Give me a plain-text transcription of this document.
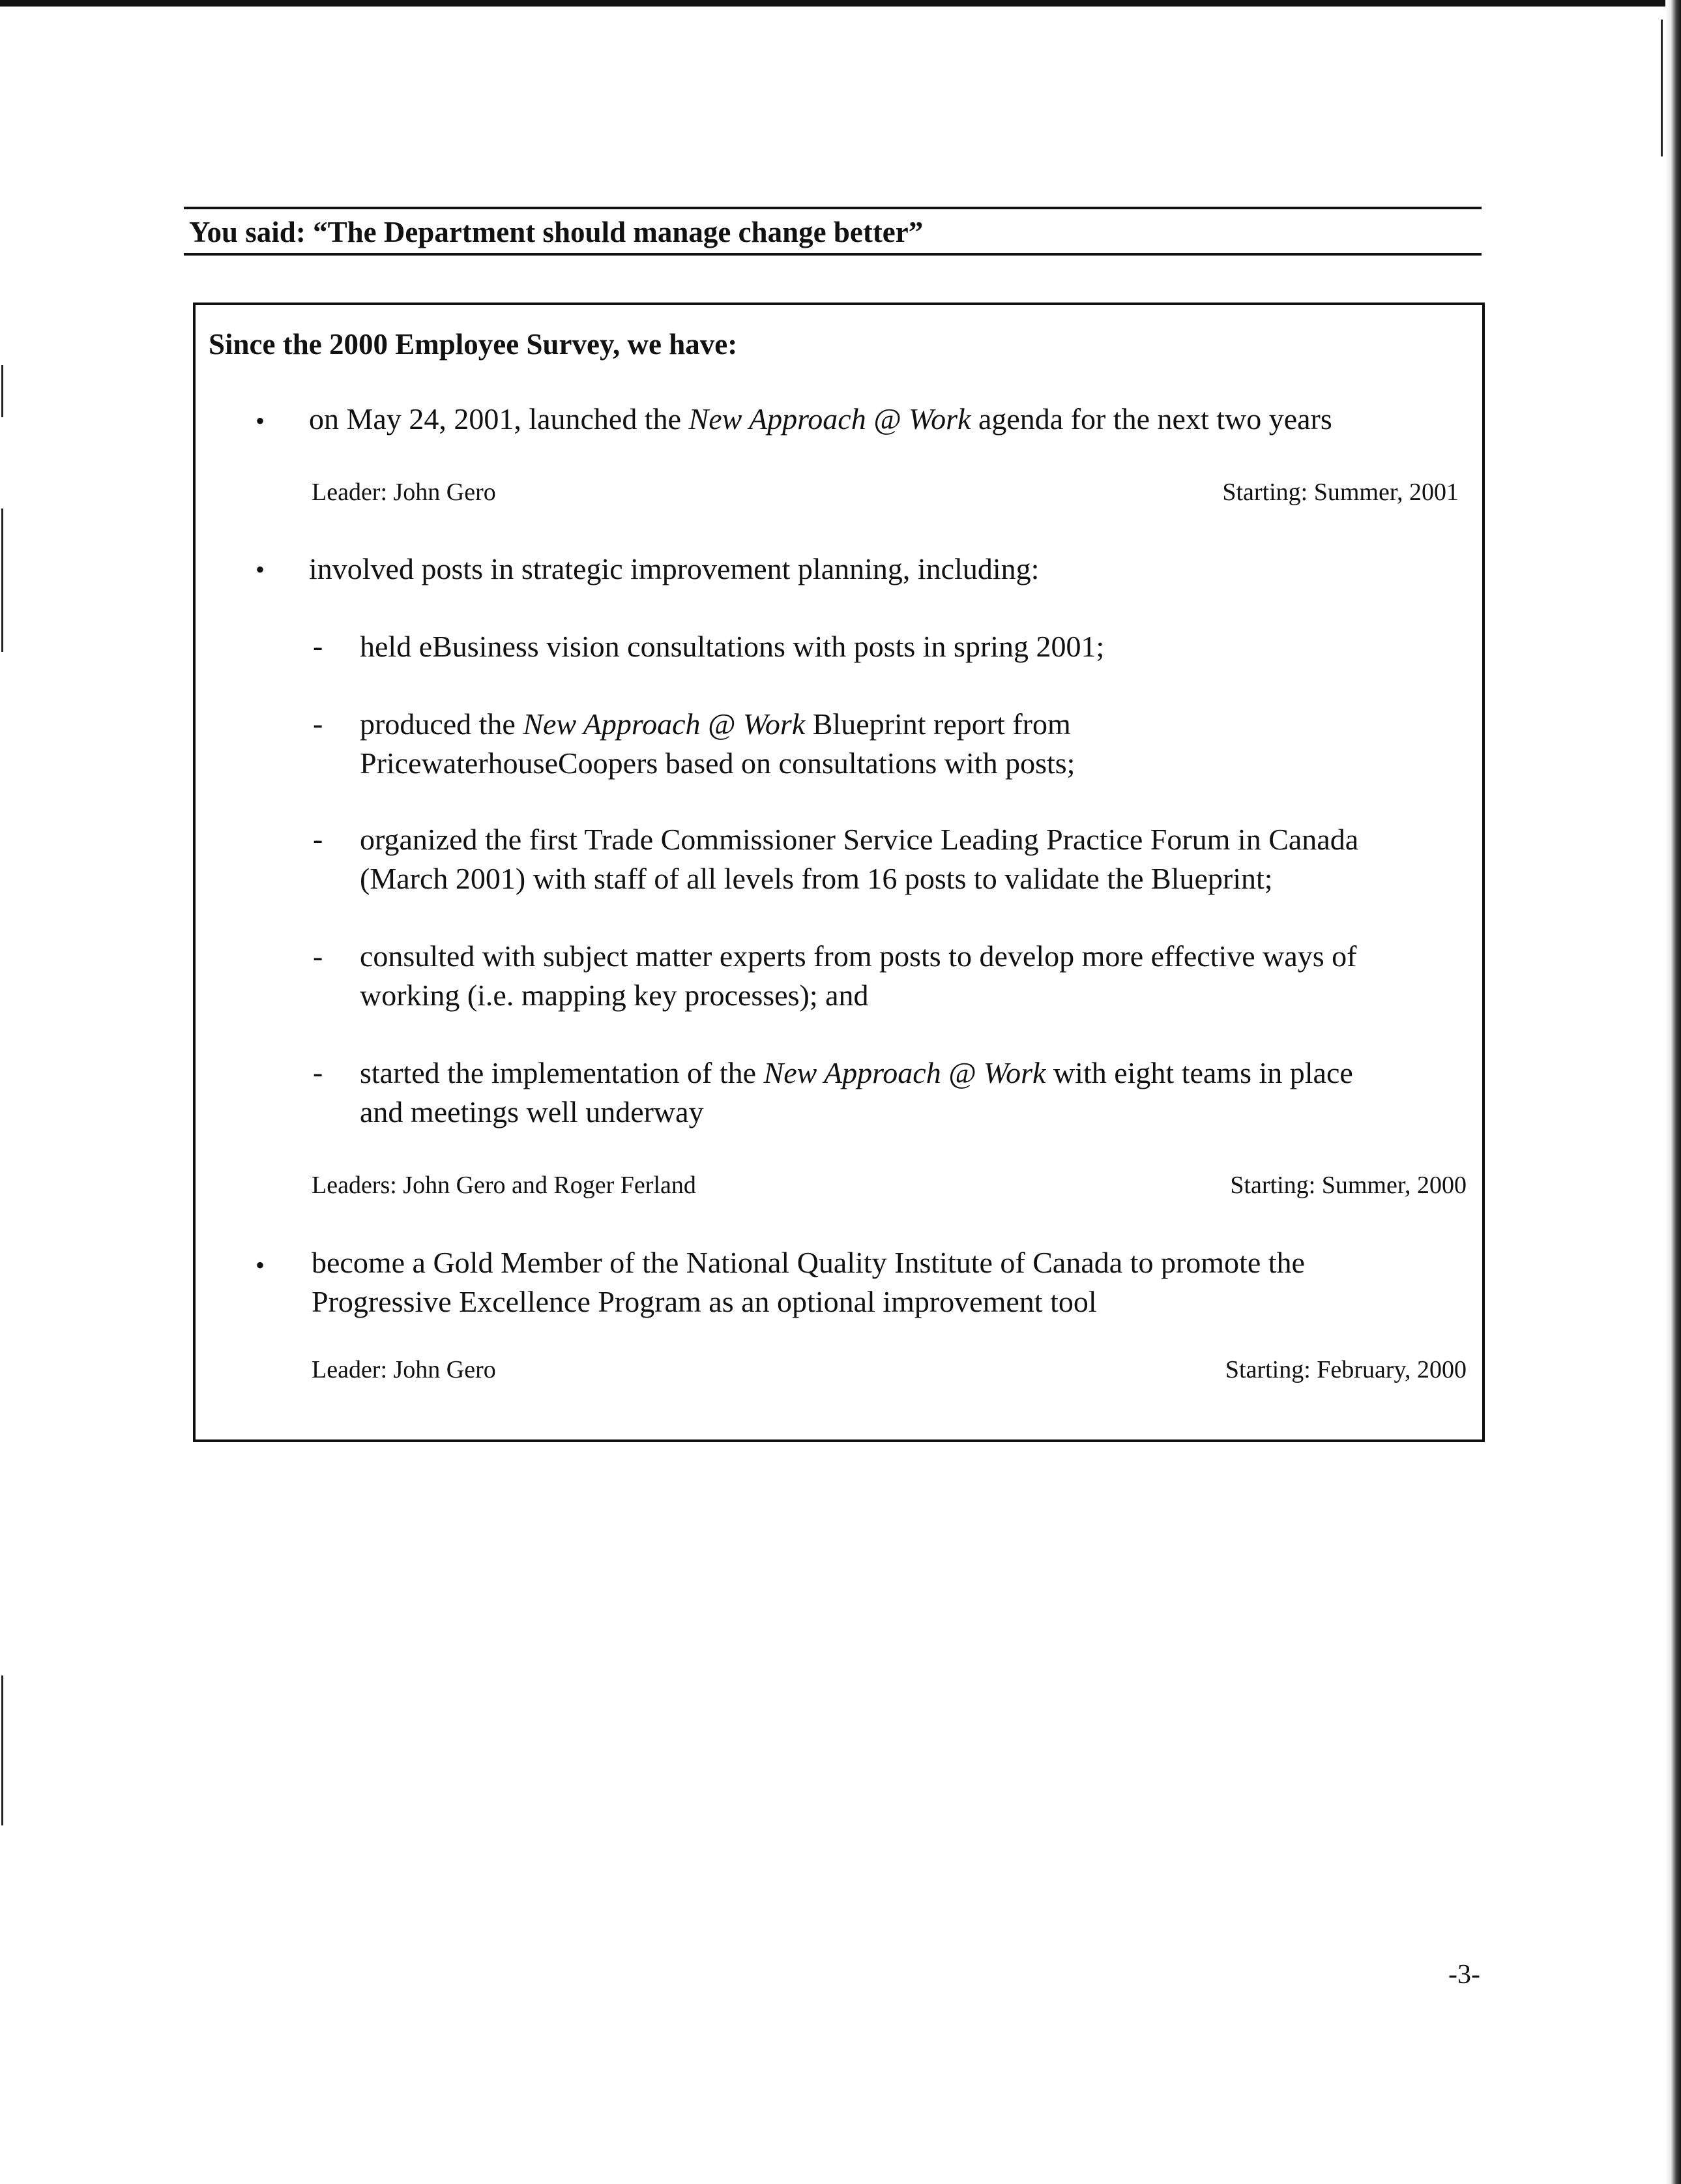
You said: “The Department should manage change better”
Since the 2000 Employee Survey, we have:
• on May 24, 2001, launched the New Approach @ Work agenda for the next two years
Leader: John Gero	Starting: Summer, 2001
• involved posts in strategic improvement planning, including:
- held eBusiness vision consultations with posts in spring 2001;
- produced the New Approach @ Work Blueprint report from
PricewaterhouseCoopers based on consultations with posts;
- organized the first Trade Commissioner Service Leading Practice Forum in Canada
(March 2001) with staff of all levels from 16 posts to validate the Blueprint;
- consulted with subject matter experts from posts to develop more effective ways of
working (i.e. mapping key processes); and
- started the implementation of the New Approach @ Work with eight teams in place
and meetings well underway
Leaders: John Gero and Roger Ferland	Starting: Summer, 2000
• become a Gold Member of the National Quality Institute of Canada to promote the
Progressive Excellence Program as an optional improvement tool
Leader: John Gero	Starting: February, 2000
-3-
